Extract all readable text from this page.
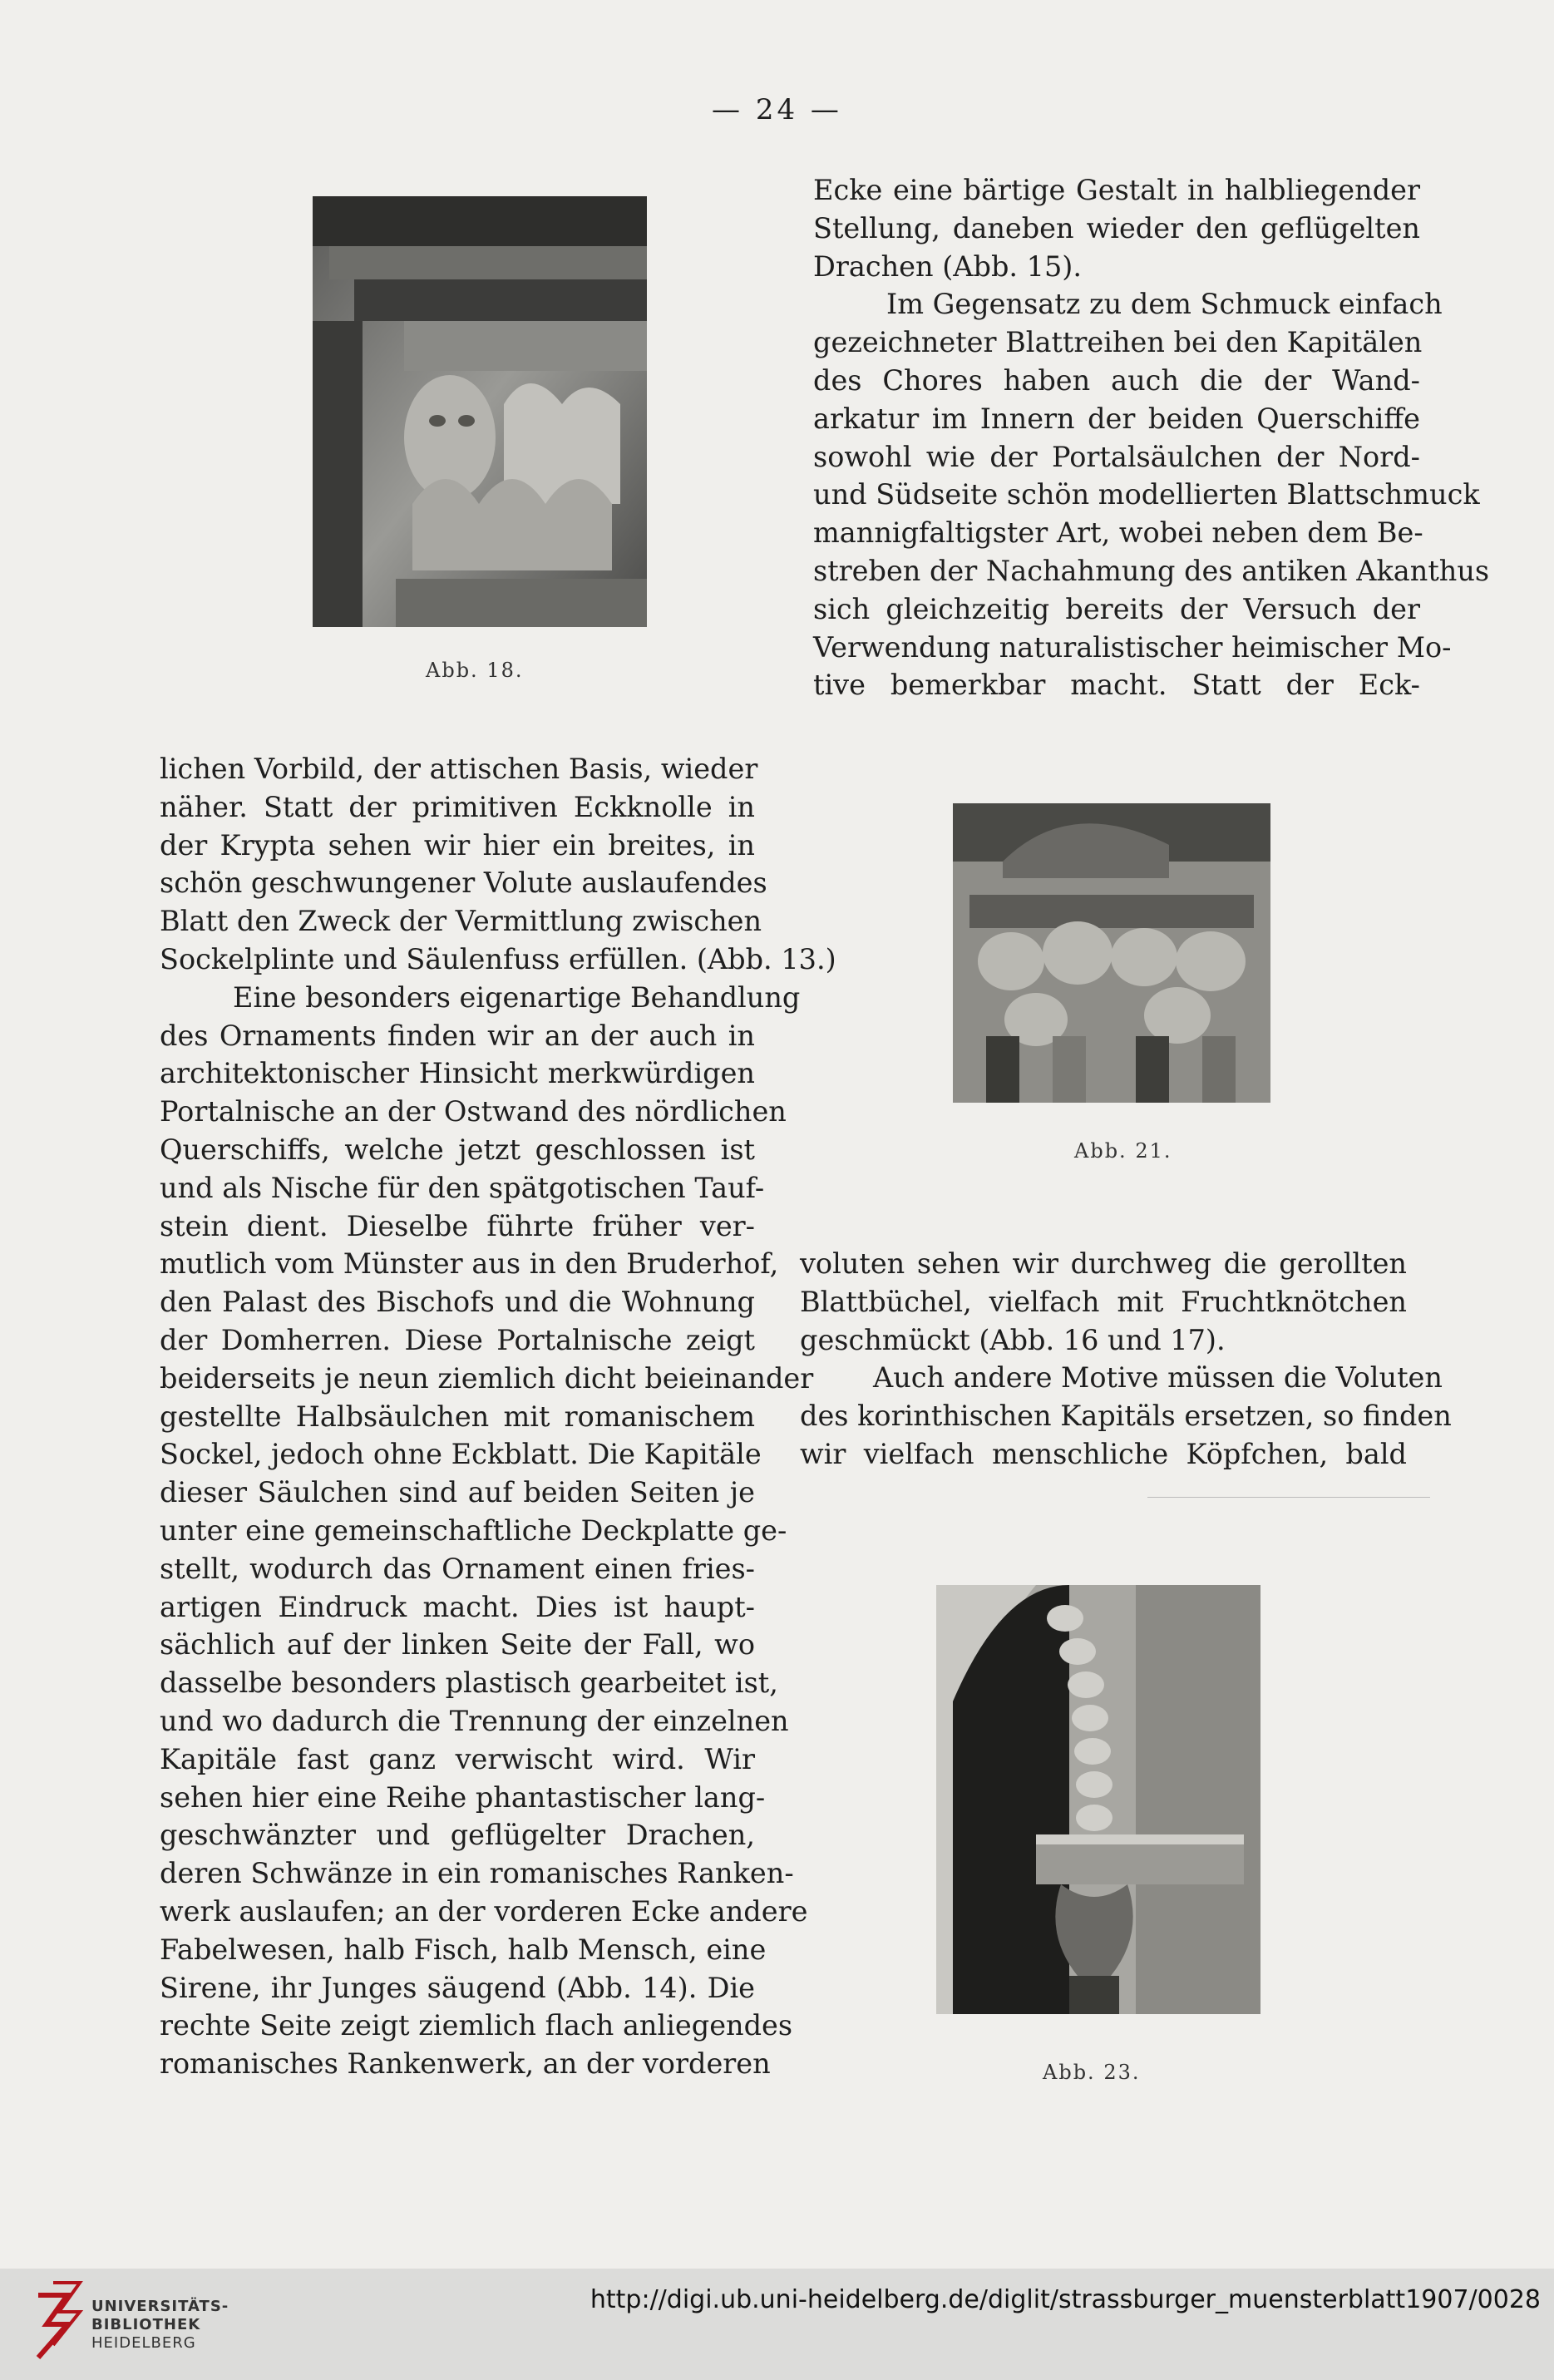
— 24 —
Abb. 18.
Ecke eine bärtige Gestalt in halbliegender
Stellung, daneben wieder den geflügelten
Drachen (Abb. 15).
Im Gegensatz zu dem Schmuck einfach
gezeichneter Blattreihen bei den Kapitälen
des Chores haben auch die der Wand-
arkatur im Innern der beiden Querschiffe
sowohl wie der Portalsäulchen der Nord-
und Südseite schön modellierten Blattschmuck
mannigfaltigster Art, wobei neben dem Be-
streben der Nachahmung des antiken Akanthus
sich gleichzeitig bereits der Versuch der
Verwendung naturalistischer heimischer Mo-
tive bemerkbar macht. Statt der Eck-
lichen Vorbild, der attischen Basis, wieder
näher. Statt der primitiven Eckknolle in
der Krypta sehen wir hier ein breites, in
schön geschwungener Volute auslaufendes
Blatt den Zweck der Vermittlung zwischen
Sockelplinte und Säulenfuss erfüllen. (Abb. 13.)
Eine besonders eigenartige Behandlung
des Ornaments finden wir an der auch in
architektonischer Hinsicht merkwürdigen
Portalnische an der Ostwand des nördlichen
Querschiffs, welche jetzt geschlossen ist
und als Nische für den spätgotischen Tauf-
stein dient. Dieselbe führte früher ver-
mutlich vom Münster aus in den Bruderhof,
den Palast des Bischofs und die Wohnung
der Domherren. Diese Portalnische zeigt
beiderseits je neun ziemlich dicht beieinander
gestellte Halbsäulchen mit romanischem
Sockel, jedoch ohne Eckblatt. Die Kapitäle
dieser Säulchen sind auf beiden Seiten je
unter eine gemeinschaftliche Deckplatte ge-
stellt, wodurch das Ornament einen fries-
artigen Eindruck macht. Dies ist haupt-
sächlich auf der linken Seite der Fall, wo
dasselbe besonders plastisch gearbeitet ist,
und wo dadurch die Trennung der einzelnen
Kapitäle fast ganz verwischt wird. Wir
sehen hier eine Reihe phantastischer lang-
geschwänzter und geflügelter Drachen,
deren Schwänze in ein romanisches Ranken-
werk auslaufen; an der vorderen Ecke andere
Fabelwesen, halb Fisch, halb Mensch, eine
Sirene, ihr Junges säugend (Abb. 14). Die
rechte Seite zeigt ziemlich flach anliegendes
romanisches Rankenwerk, an der vorderen
Abb. 21.
voluten sehen wir durchweg die gerollten
Blattbüchel, vielfach mit Fruchtknötchen
geschmückt (Abb. 16 und 17).
Auch andere Motive müssen die Voluten
des korinthischen Kapitäls ersetzen, so finden
wir vielfach menschliche Köpfchen, bald
Abb. 23.
UNIVERSITÄTS-
BIBLIOTHEK
HEIDELBERG
http://digi.ub.uni-heidelberg.de/diglit/strassburger_muensterblatt1907/0028
